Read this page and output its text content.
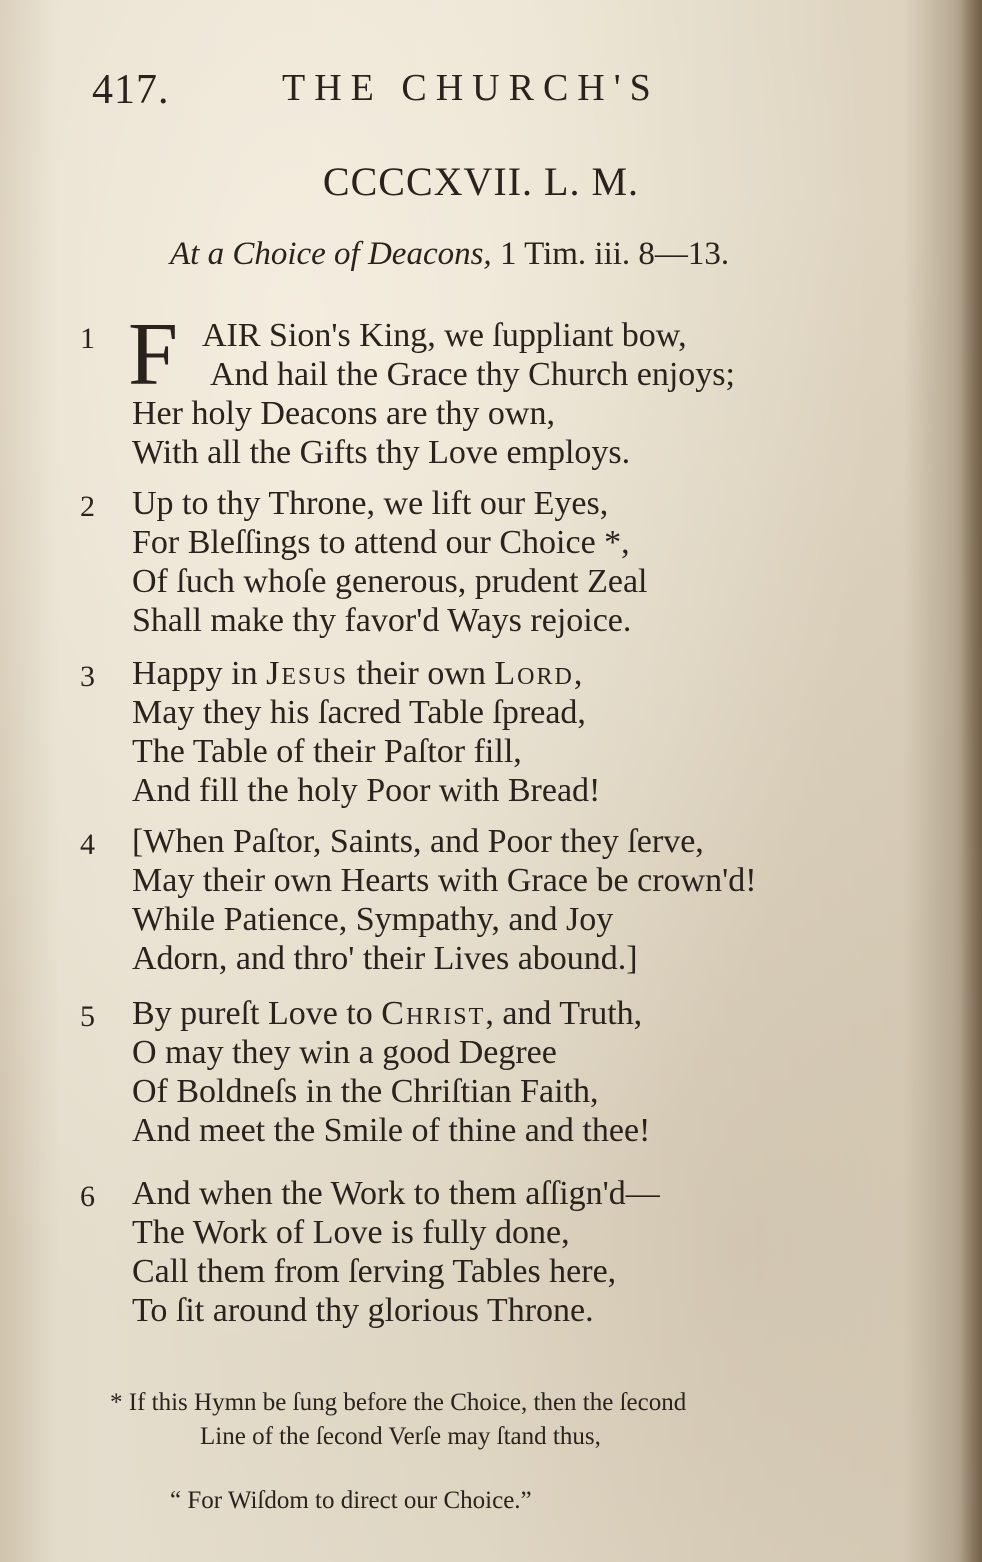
417.	THE CHURCH'S
CCCCXVII. L. M.
At a Choice of Deacons, 1 Tim. iii. 8—13.
1 F AIR Sion's King, we ſuppliant bow,
And hail the Grace thy Church enjoys;
Her holy Deacons are thy own,
With all the Gifts thy Love employs.
2	Up to thy Throne, we lift our Eyes,
For Bleſſings to attend our Choice *,
Of ſuch whoſe generous, prudent Zeal
Shall make thy favor'd Ways rejoice.
3	Happy in Jesus their own Lord,
May they his ſacred Table ſpread,
The Table of their Paſtor fill,
And fill the holy Poor with Bread!
4	[When Paſtor, Saints, and Poor they ſerve,
May their own Hearts with Grace be crown'd!
While Patience, Sympathy, and Joy
Adorn, and thro' their Lives abound.]
5	By pureſt Love to Christ, and Truth,
O may they win a good Degree
Of Boldneſs in the Chriſtian Faith,
And meet the Smile of thine and thee!
6	And when the Work to them aſſign'd—
The Work of Love is fully done,
Call them from ſerving Tables here,
To ſit around thy glorious Throne.
* If this Hymn be ſung before the Choice, then the ſecond
Line of the ſecond Verſe may ſtand thus,
“ For Wiſdom to direct our Choice.”
